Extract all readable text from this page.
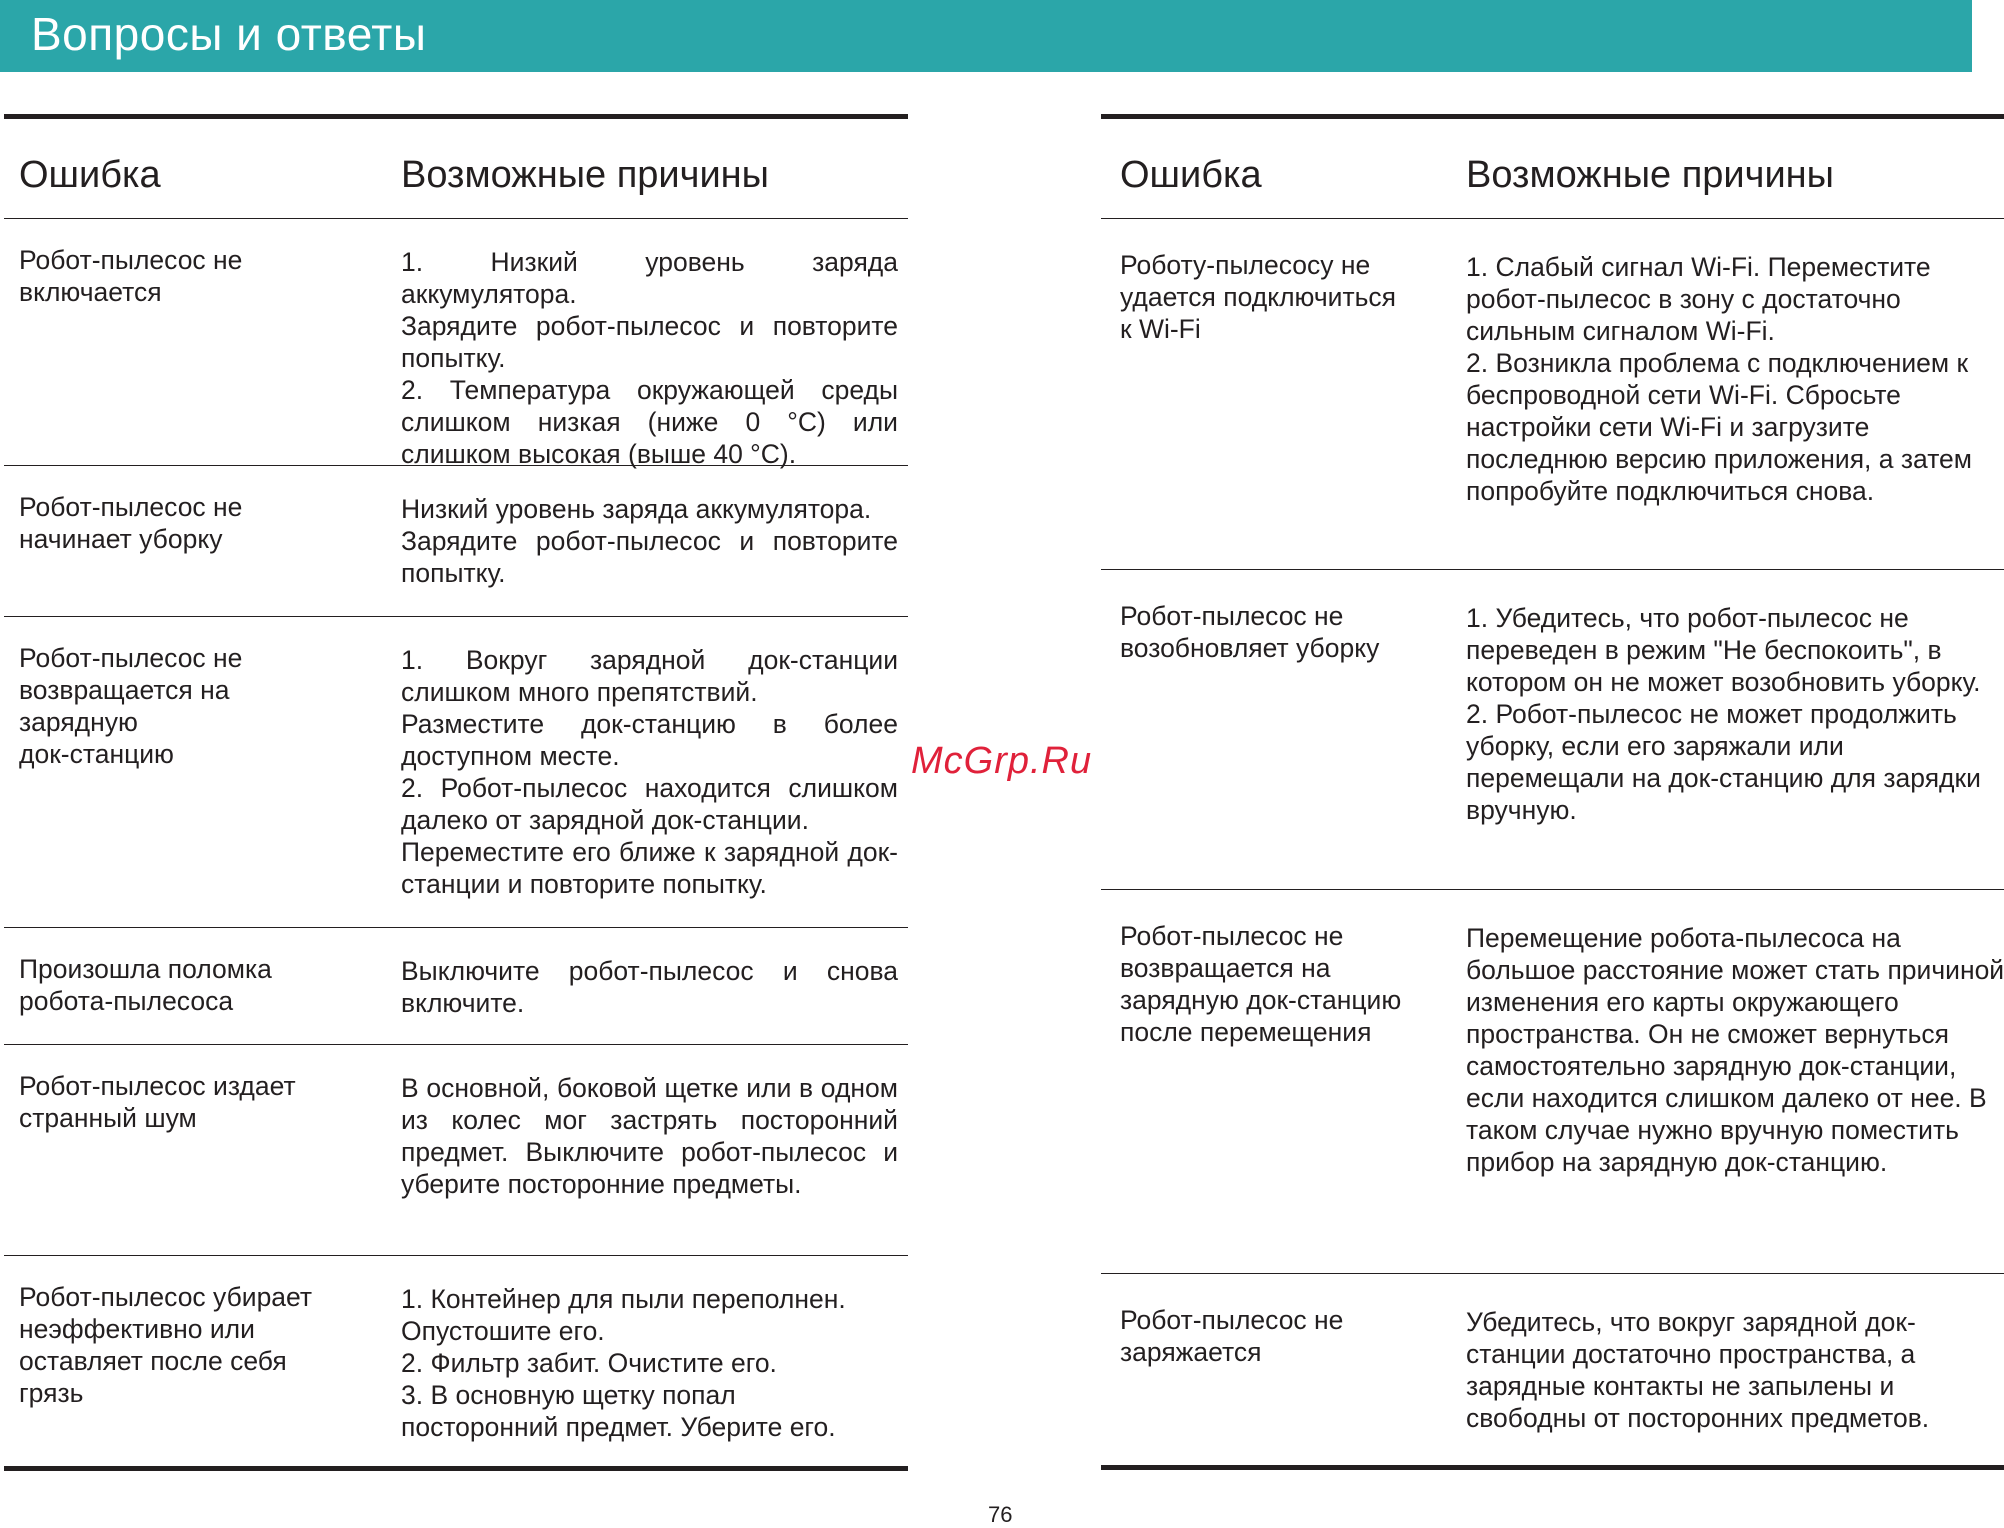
Вопросы и ответы
Ошибка	Возможные причины

Робот-пылесос не
включается

1. Низкий уровень заряда аккумулятора.
Зарядите робот-пылесос и повторите попытку.
2. Температура окружающей среды слишком низкая (ниже 0 °C) или слишком высокая (выше 40 °C).

Робот-пылесос не
начинает уборку

Низкий уровень заряда аккумулятора.
Зарядите робот-пылесос и повторите попытку.

Робот-пылесос не
возвращается на
зарядную
док-станцию

1. Вокруг зарядной док-станции слишком много препятствий.
Разместите док-станцию в более доступном месте.
2. Робот-пылесос находится слишком далеко от зарядной док-станции.
Переместите его ближе к зарядной док-станции и повторите попытку.

Произошла поломка
робота-пылесоса

Выключите робот-пылесос и снова включите.

Робот-пылесос издает
странный шум

В основной, боковой щетке или в одном из колес мог застрять посторонний предмет. Выключите робот-пылесос и уберите посторонние предметы.

Робот-пылесос убирает
неэффективно или
оставляет после себя
грязь

1. Контейнер для пыли переполнен.
Опустошите его.
2. Фильтр забит. Очистите его.
3. В основную щетку попал посторонний предмет. Уберите его.

Ошибка	Возможные причины

Роботу-пылесосу не
удается подключиться
к Wi-Fi

1. Слабый сигнал Wi-Fi. Переместите робот-пылесос в зону с достаточно сильным сигналом Wi-Fi.
2. Возникла проблема с подключением к беспроводной сети Wi-Fi. Сбросьте настройки сети Wi-Fi и загрузите последнюю версию приложения, а затем попробуйте подключиться снова.

Робот-пылесос не
возобновляет уборку

1. Убедитесь, что робот-пылесос не переведен в режим "Не беспокоить", в котором он не может возобновить уборку.
2. Робот-пылесос не может продолжить уборку, если его заряжали или перемещали на док-станцию для зарядки вручную.

Робот-пылесос не
возвращается на
зарядную док-станцию
после перемещения

Перемещение робота-пылесоса на большое расстояние может стать причиной изменения его карты окружающего пространства. Он не сможет вернуться самостоятельно зарядную док-станции, если находится слишком далеко от нее. В таком случае нужно вручную поместить прибор на зарядную док-станцию.

Робот-пылесос не
заряжается

Убедитесь, что вокруг зарядной док-станции достаточно пространства, а зарядные контакты не запылены и свободны от посторонних предметов.

McGrp.Ru
76
